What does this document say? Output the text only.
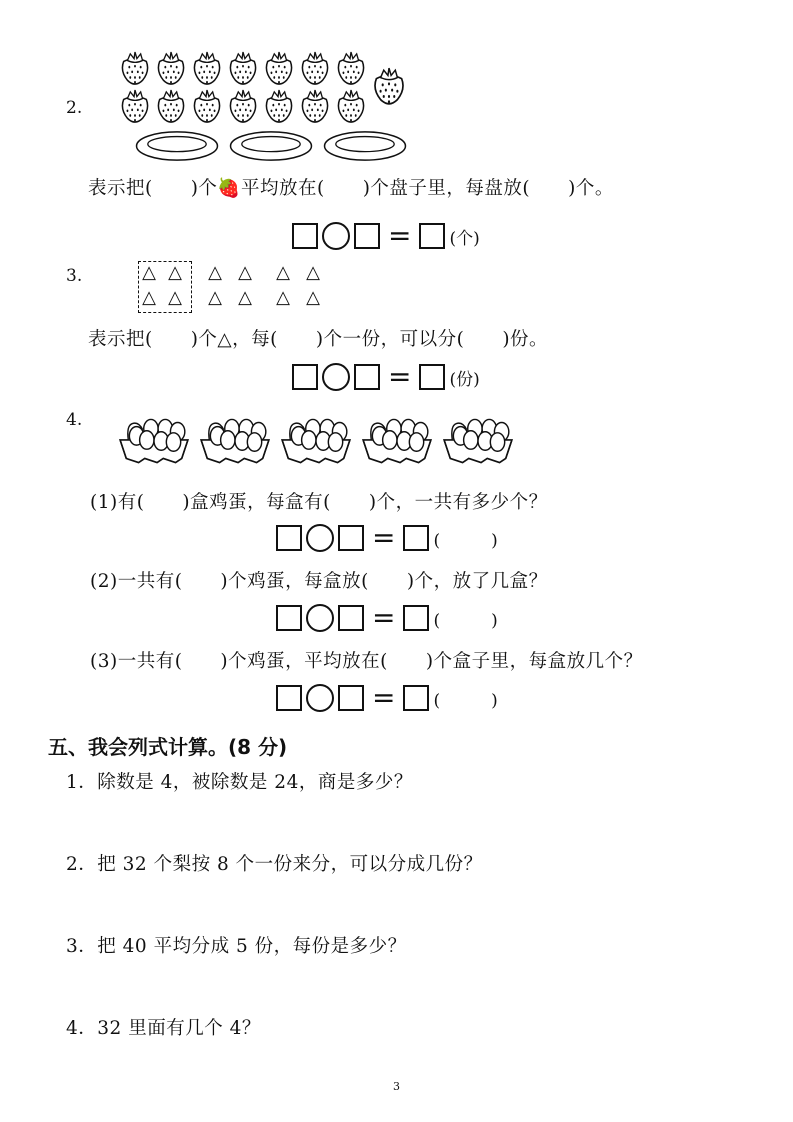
2.
表示把(　　)个🍓平均放在(　　)个盘子里，每盘放(　　)个。
= (个)
3.	△ △ △ △ △ △
△ △ △ △ △ △
表示把(　　)个△，每(　　)个一份，可以分(　　)份。
= (份)
4.
(1)有(　　)盒鸡蛋，每盒有(　　)个，一共有多少个？
= (　　　)
(2)一共有(　　)个鸡蛋，每盒放(　　)个，放了几盒？
= (　　　)
(3)一共有(　　)个鸡蛋，平均放在(　　)个盒子里，每盒放几个？
= (　　　)
五、我会列式计算。(8 分)
1．除数是 4，被除数是 24，商是多少？
2．把 32 个梨按 8 个一份来分，可以分成几份？
3．把 40 平均分成 5 份，每份是多少？
4．32 里面有几个 4？
3
